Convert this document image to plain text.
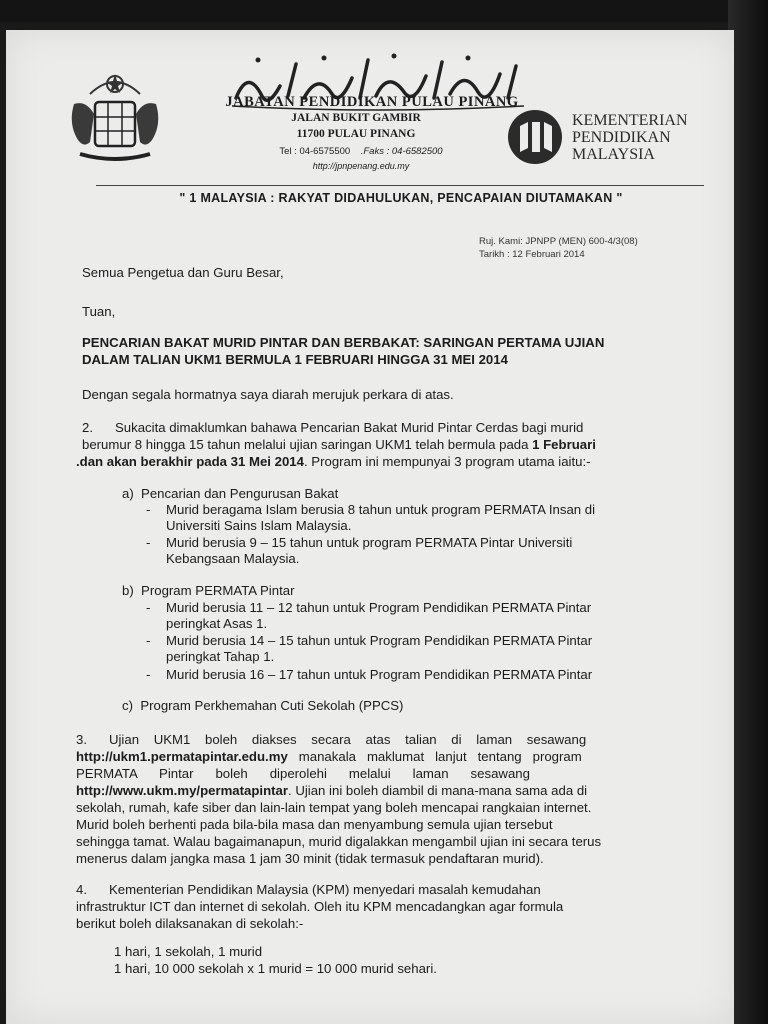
JABATAN PENDIDIKAN PULAU PINANG
JALAN BUKIT GAMBIR
11700 PULAU PINANG
Tel : 04-6575500 .Faks : 04-6582500
http://jpnpenang.edu.my
KEMENTERIAN
PENDIDIKAN
MALAYSIA
" 1 MALAYSIA : RAKYAT DIDAHULUKAN, PENCAPAIAN DIUTAMAKAN "
Ruj. Kami: JPNPP (MEN) 600-4/3(08)
Tarikh : 12 Februari 2014
Semua Pengetua dan Guru Besar,
Tuan,
PENCARIAN BAKAT MURID PINTAR DAN BERBAKAT: SARINGAN PERTAMA UJIAN
DALAM TALIAN UKM1 BERMULA 1 FEBRUARI HINGGA 31 MEI 2014
Dengan segala hormatnya saya diarah merujuk perkara di atas.
2.      Sukacita dimaklumkan bahawa Pencarian Bakat Murid Pintar Cerdas bagi murid
berumur 8 hingga 15 tahun melalui ujian saringan UKM1 telah bermula pada 1 Februari
.dan akan berakhir pada 31 Mei 2014. Program ini mempunyai 3 program utama iaitu:-
a)  Pencarian dan Pengurusan Bakat
- Murid beragama Islam berusia 8 tahun untuk program PERMATA Insan di
Universiti Sains Islam Malaysia.
- Murid berusia 9 – 15 tahun untuk program PERMATA Pintar Universiti
Kebangsaan Malaysia.
b)  Program PERMATA Pintar
- Murid berusia 11 – 12 tahun untuk Program Pendidikan PERMATA Pintar
peringkat Asas 1.
- Murid berusia 14 – 15 tahun untuk Program Pendidikan PERMATA Pintar
peringkat Tahap 1.
- Murid berusia 16 – 17 tahun untuk Program Pendidikan PERMATA Pintar
c)  Program Perkhemahan Cuti Sekolah (PPCS)
3.      Ujian    UKM1    boleh    diakses    secara    atas    talian    di    laman    sesawang
http://ukm1.permatapintar.edu.my   manakala   maklumat   lanjut   tentang   program
PERMATA      Pintar      boleh      diperolehi      melalui      laman      sesawang
http://www.ukm.my/permatapintar. Ujian ini boleh diambil di mana-mana sama ada di
sekolah, rumah, kafe siber dan lain-lain tempat yang boleh mencapai rangkaian internet.
Murid boleh berhenti pada bila-bila masa dan menyambung semula ujian tersebut
sehingga tamat. Walau bagaimanapun, murid digalakkan mengambil ujian ini secara terus
menerus dalam jangka masa 1 jam 30 minit (tidak termasuk pendaftaran murid).
4.      Kementerian Pendidikan Malaysia (KPM) menyedari masalah kemudahan
infrastruktur ICT dan internet di sekolah. Oleh itu KPM mencadangkan agar formula
berikut boleh dilaksanakan di sekolah:-
1 hari, 1 sekolah, 1 murid
1 hari, 10 000 sekolah x 1 murid = 10 000 murid sehari.
